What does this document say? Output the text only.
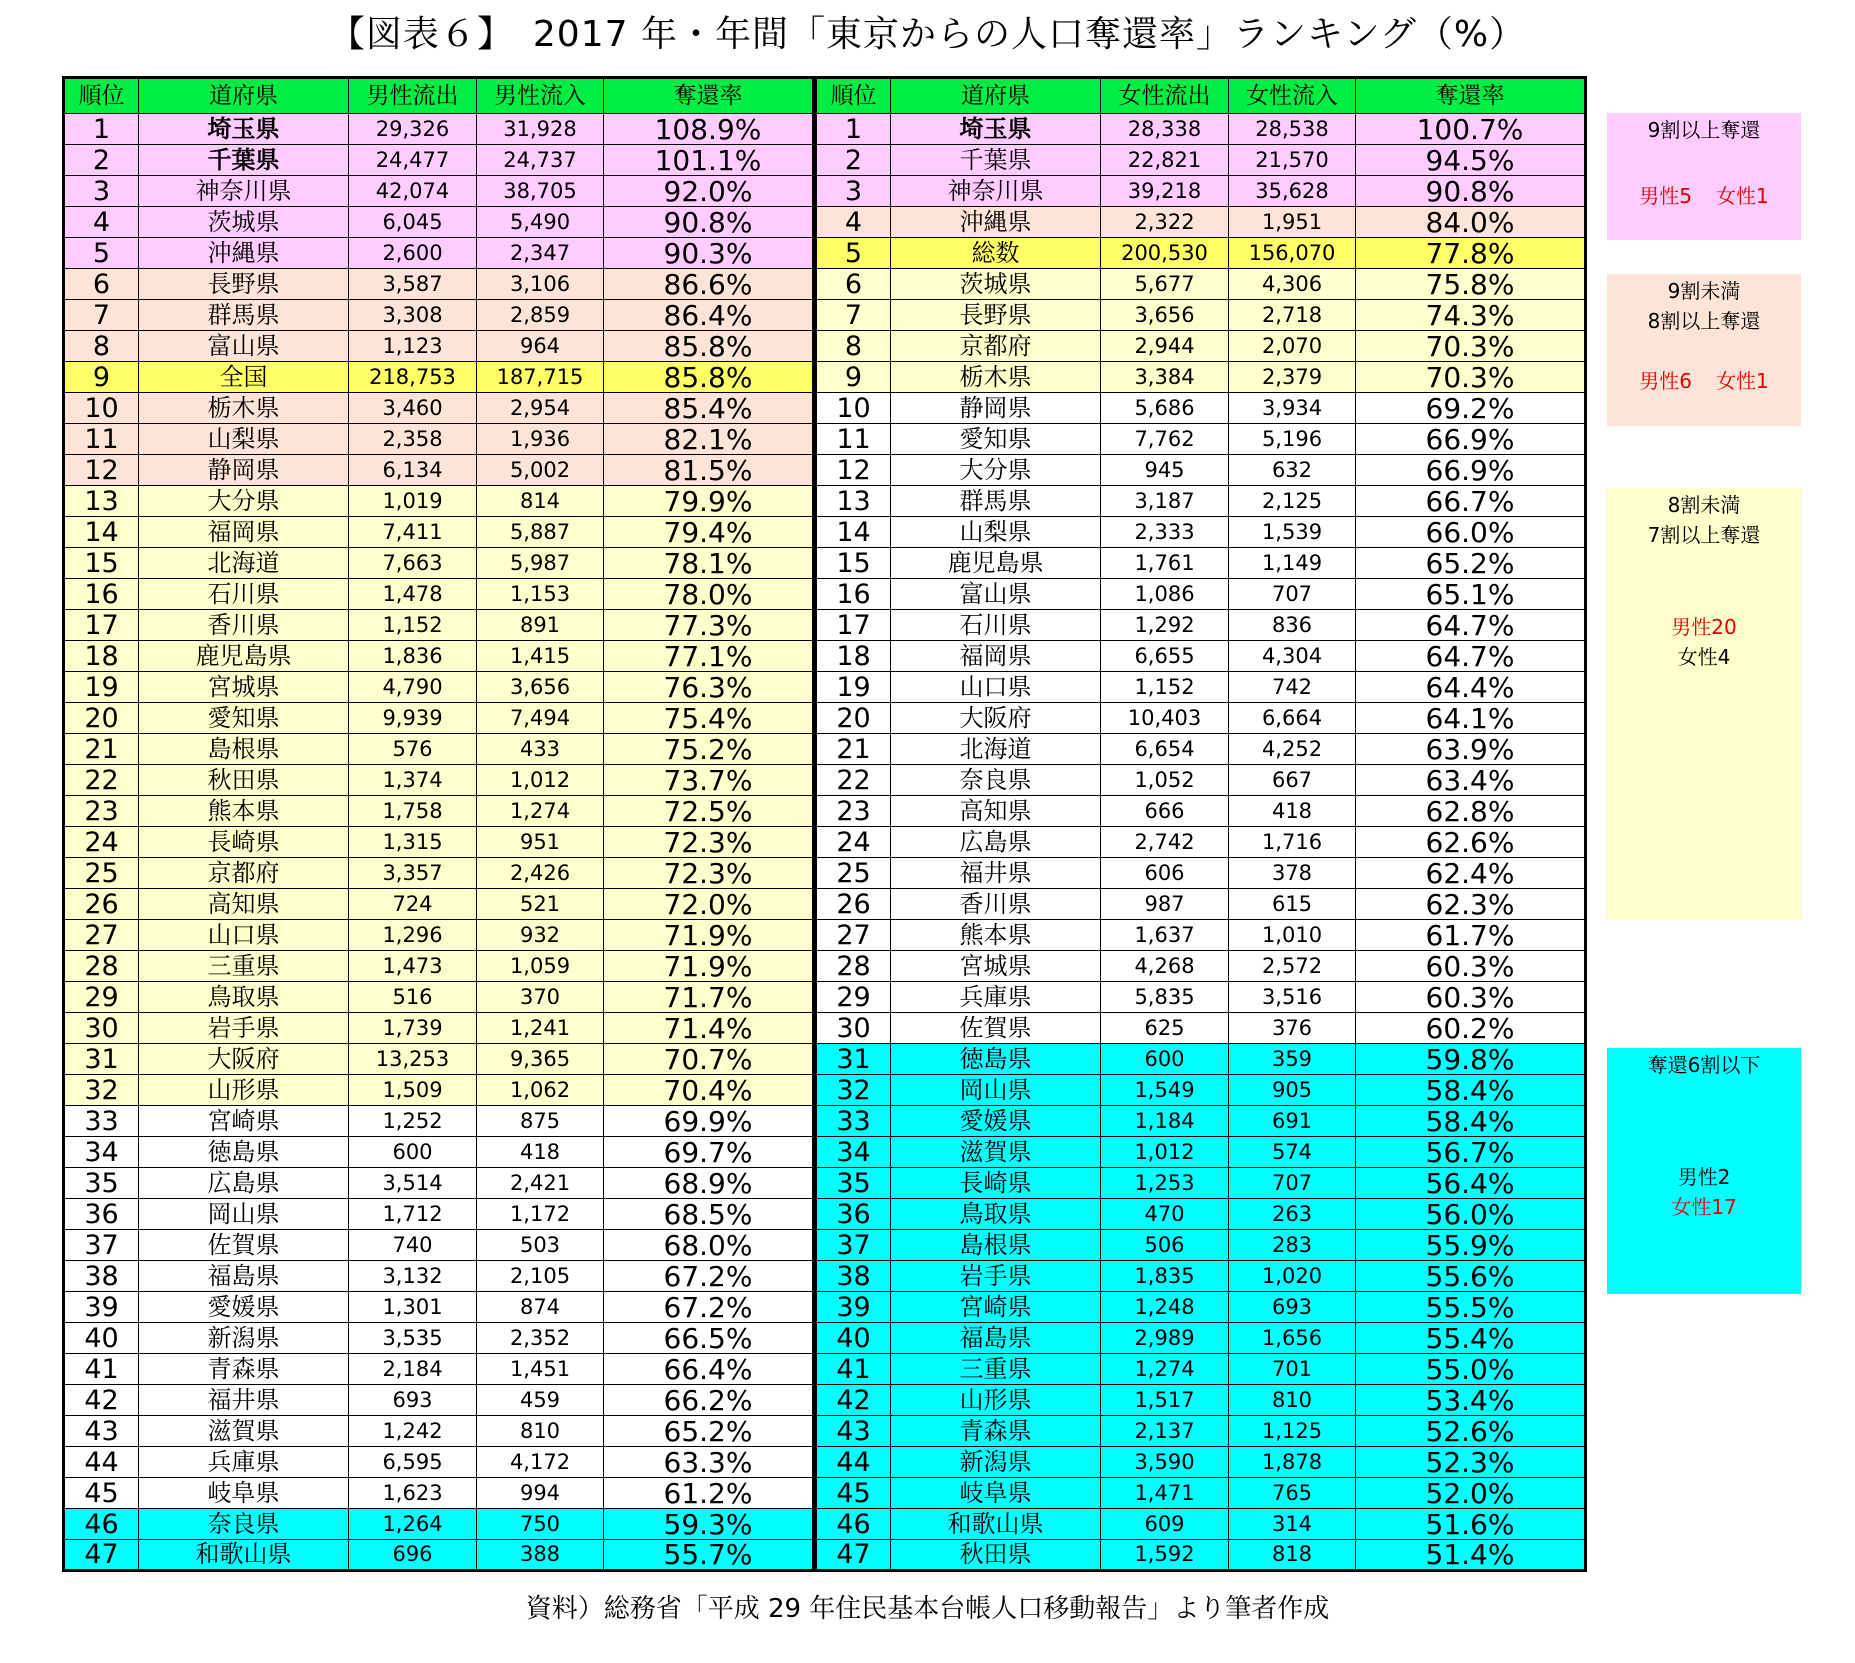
【図表６】　2017 年・年間「東京からの人口奪還率」ランキング（%）
順位	道府県	男性流出	男性流入	奪還率
1	埼玉県	29,326	31,928	108.9%
2	千葉県	24,477	24,737	101.1%
3	神奈川県	42,074	38,705	92.0%
4	茨城県	6,045	5,490	90.8%
5	沖縄県	2,600	2,347	90.3%
6	長野県	3,587	3,106	86.6%
7	群馬県	3,308	2,859	86.4%
8	富山県	1,123	964	85.8%
9	全国	218,753	187,715	85.8%
10	栃木県	3,460	2,954	85.4%
11	山梨県	2,358	1,936	82.1%
12	静岡県	6,134	5,002	81.5%
13	大分県	1,019	814	79.9%
14	福岡県	7,411	5,887	79.4%
15	北海道	7,663	5,987	78.1%
16	石川県	1,478	1,153	78.0%
17	香川県	1,152	891	77.3%
18	鹿児島県	1,836	1,415	77.1%
19	宮城県	4,790	3,656	76.3%
20	愛知県	9,939	7,494	75.4%
21	島根県	576	433	75.2%
22	秋田県	1,374	1,012	73.7%
23	熊本県	1,758	1,274	72.5%
24	長崎県	1,315	951	72.3%
25	京都府	3,357	2,426	72.3%
26	高知県	724	521	72.0%
27	山口県	1,296	932	71.9%
28	三重県	1,473	1,059	71.9%
29	鳥取県	516	370	71.7%
30	岩手県	1,739	1,241	71.4%
31	大阪府	13,253	9,365	70.7%
32	山形県	1,509	1,062	70.4%
33	宮崎県	1,252	875	69.9%
34	徳島県	600	418	69.7%
35	広島県	3,514	2,421	68.9%
36	岡山県	1,712	1,172	68.5%
37	佐賀県	740	503	68.0%
38	福島県	3,132	2,105	67.2%
39	愛媛県	1,301	874	67.2%
40	新潟県	3,535	2,352	66.5%
41	青森県	2,184	1,451	66.4%
42	福井県	693	459	66.2%
43	滋賀県	1,242	810	65.2%
44	兵庫県	6,595	4,172	63.3%
45	岐阜県	1,623	994	61.2%
46	奈良県	1,264	750	59.3%
47	和歌山県	696	388	55.7%
順位	道府県	女性流出	女性流入	奪還率
1	埼玉県	28,338	28,538	100.7%
2	千葉県	22,821	21,570	94.5%
3	神奈川県	39,218	35,628	90.8%
4	沖縄県	2,322	1,951	84.0%
5	総数	200,530	156,070	77.8%
6	茨城県	5,677	4,306	75.8%
7	長野県	3,656	2,718	74.3%
8	京都府	2,944	2,070	70.3%
9	栃木県	3,384	2,379	70.3%
10	静岡県	5,686	3,934	69.2%
11	愛知県	7,762	5,196	66.9%
12	大分県	945	632	66.9%
13	群馬県	3,187	2,125	66.7%
14	山梨県	2,333	1,539	66.0%
15	鹿児島県	1,761	1,149	65.2%
16	富山県	1,086	707	65.1%
17	石川県	1,292	836	64.7%
18	福岡県	6,655	4,304	64.7%
19	山口県	1,152	742	64.4%
20	大阪府	10,403	6,664	64.1%
21	北海道	6,654	4,252	63.9%
22	奈良県	1,052	667	63.4%
23	高知県	666	418	62.8%
24	広島県	2,742	1,716	62.6%
25	福井県	606	378	62.4%
26	香川県	987	615	62.3%
27	熊本県	1,637	1,010	61.7%
28	宮城県	4,268	2,572	60.3%
29	兵庫県	5,835	3,516	60.3%
30	佐賀県	625	376	60.2%
31	徳島県	600	359	59.8%
32	岡山県	1,549	905	58.4%
33	愛媛県	1,184	691	58.4%
34	滋賀県	1,012	574	56.7%
35	長崎県	1,253	707	56.4%
36	鳥取県	470	263	56.0%
37	島根県	506	283	55.9%
38	岩手県	1,835	1,020	55.6%
39	宮崎県	1,248	693	55.5%
40	福島県	2,989	1,656	55.4%
41	三重県	1,274	701	55.0%
42	山形県	1,517	810	53.4%
43	青森県	2,137	1,125	52.6%
44	新潟県	3,590	1,878	52.3%
45	岐阜県	1,471	765	52.0%
46	和歌山県	609	314	51.6%
47	秋田県	1,592	818	51.4%
9割以上奪還
男性5 女性1
9割未満
8割以上奪還
男性6 女性1
8割未満
7割以上奪還
男性20
女性4
奪還6割以下
男性2
女性17
資料）総務省「平成 29 年住民基本台帳人口移動報告」より筆者作成
